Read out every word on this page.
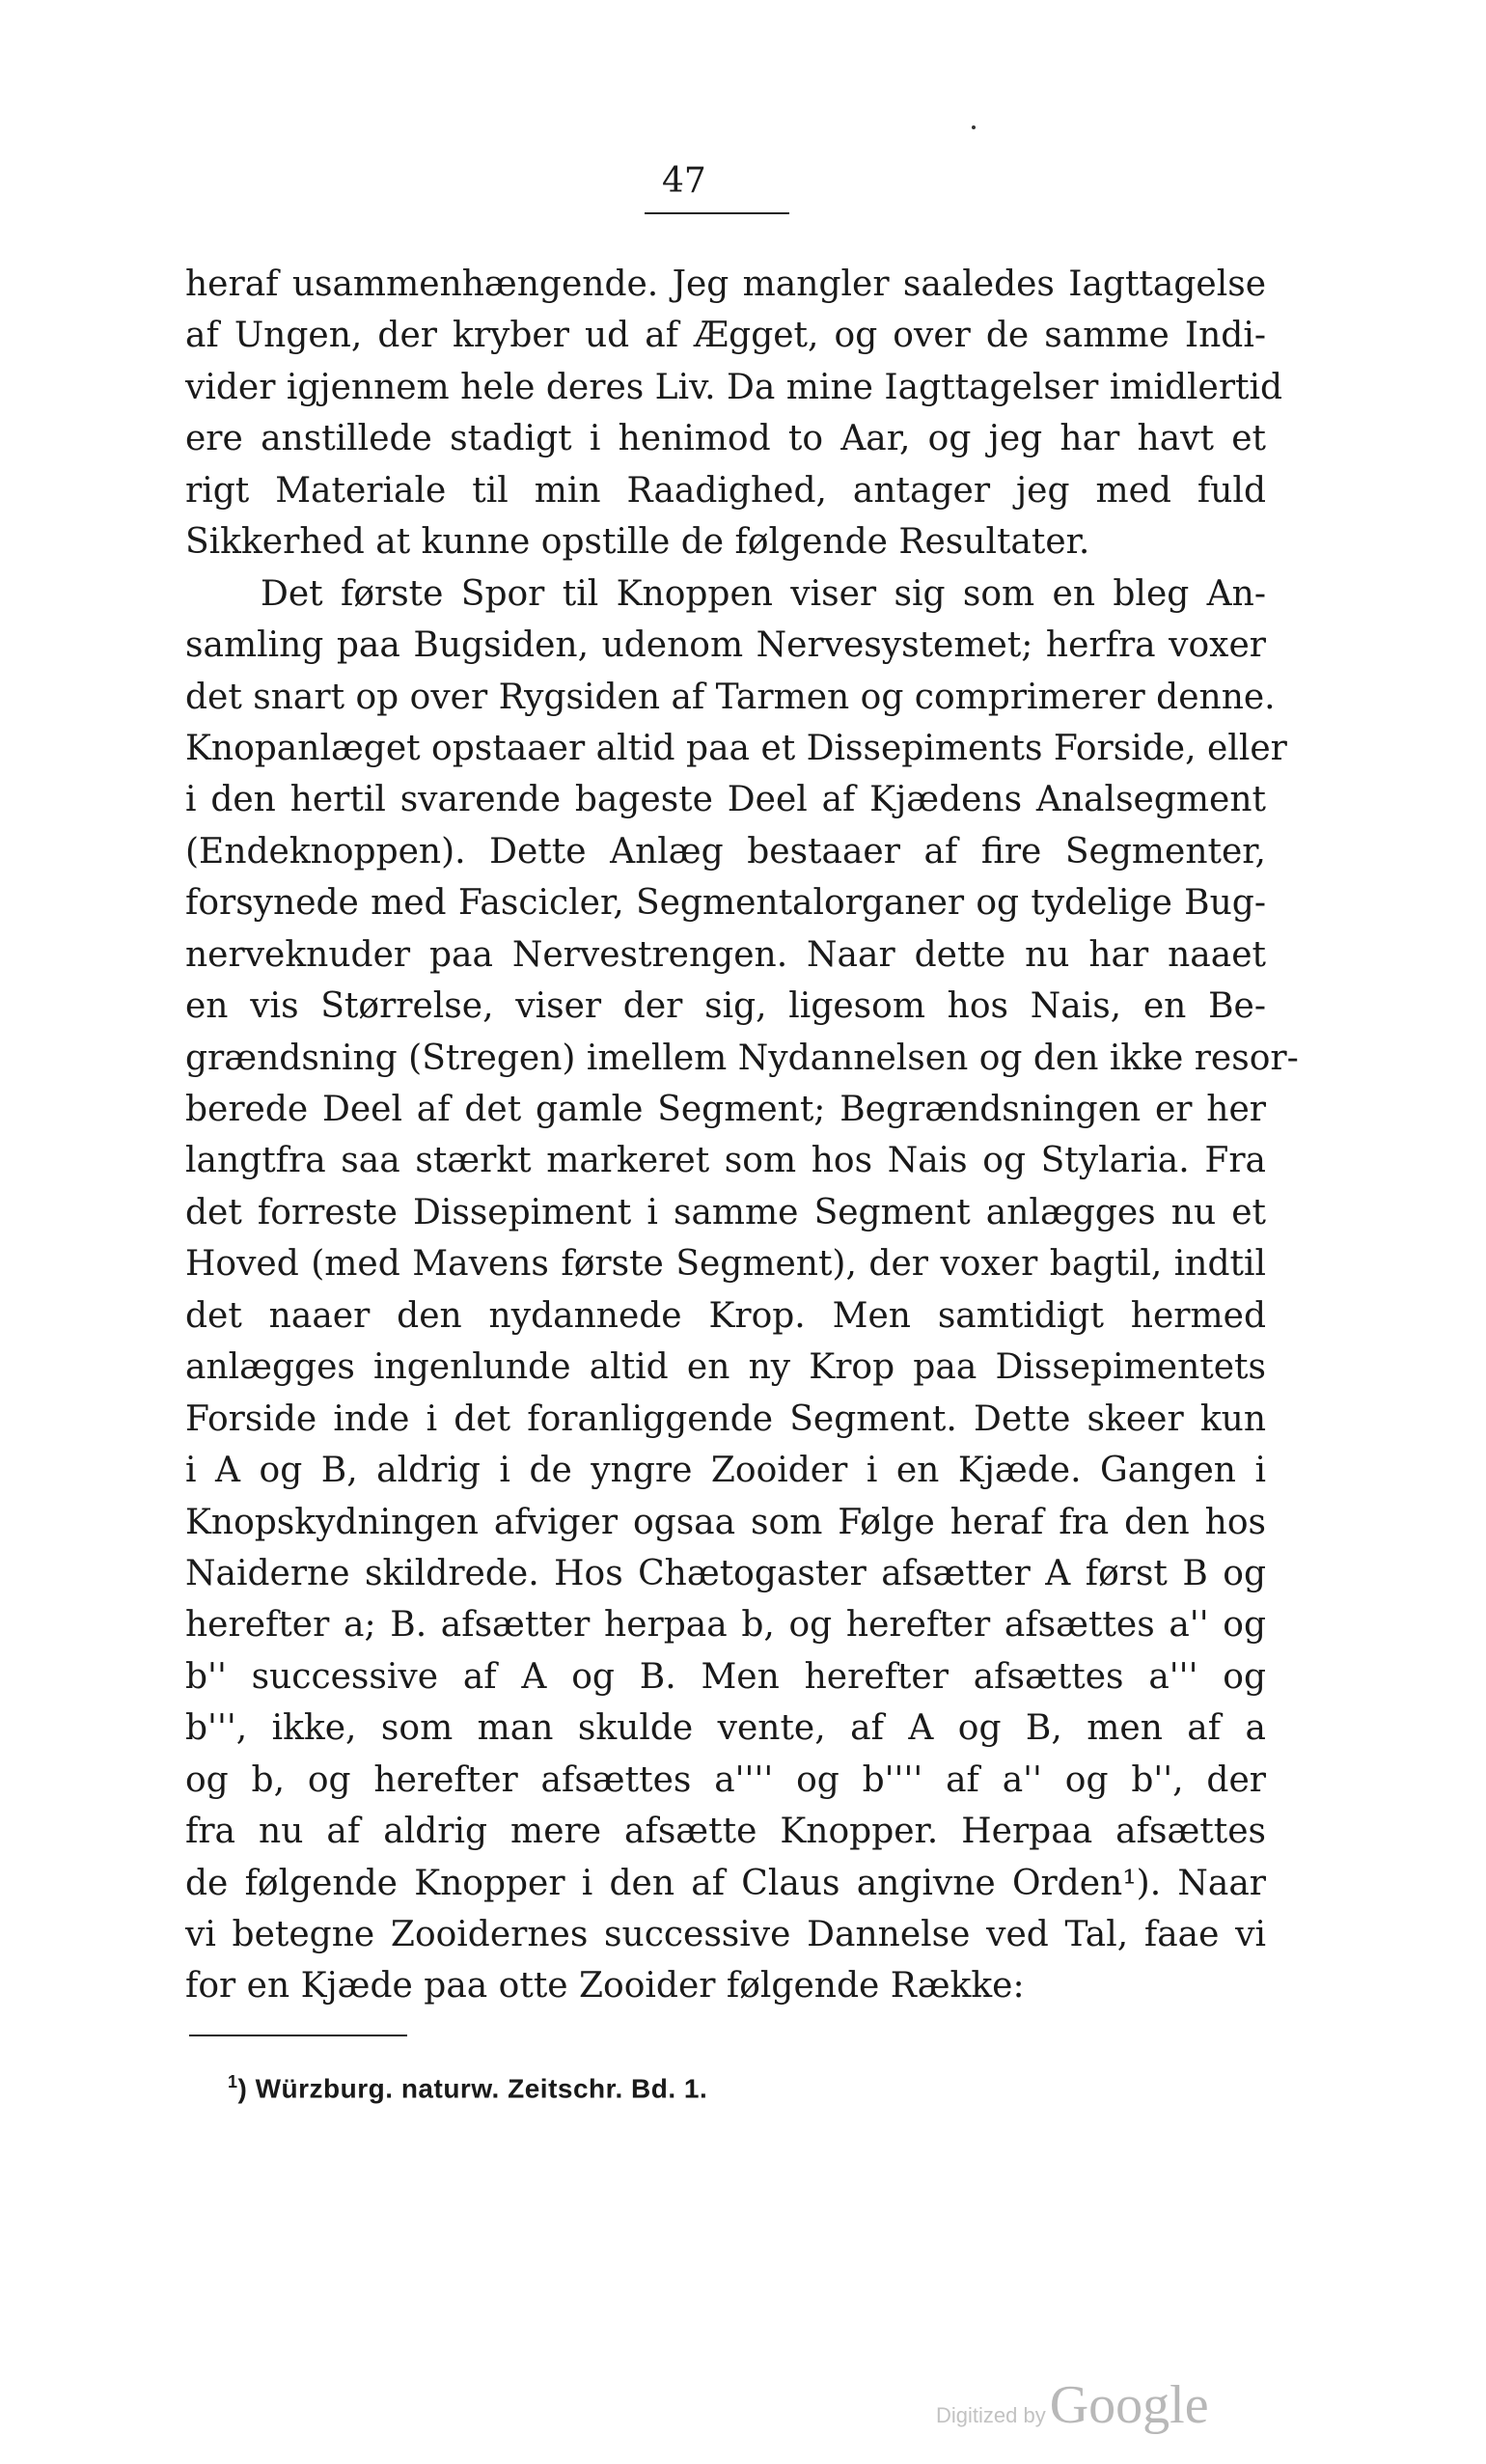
47
heraf usammenhængende. Jeg mangler saaledes Iagttagelse
af Ungen, der kryber ud af Ægget, og over de samme Indi-
vider igjennem hele deres Liv. Da mine Iagttagelser imidlertid
ere anstillede stadigt i henimod to Aar, og jeg har havt et
rigt Materiale til min Raadighed, antager jeg med fuld
Sikkerhed at kunne opstille de følgende Resultater.
Det første Spor til Knoppen viser sig som en bleg An-
samling paa Bugsiden, udenom Nervesystemet; herfra voxer
det snart op over Rygsiden af Tarmen og comprimerer denne.
Knopanlæget opstaaer altid paa et Dissepiments Forside, eller
i den hertil svarende bageste Deel af Kjædens Analsegment
(Endeknoppen). Dette Anlæg bestaaer af fire Segmenter,
forsynede med Fascicler, Segmentalorganer og tydelige Bug-
nerveknuder paa Nervestrengen. Naar dette nu har naaet
en vis Størrelse, viser der sig, ligesom hos Nais, en Be-
grændsning (Stregen) imellem Nydannelsen og den ikke resor-
berede Deel af det gamle Segment; Begrændsningen er her
langtfra saa stærkt markeret som hos Nais og Stylaria. Fra
det forreste Dissepiment i samme Segment anlægges nu et
Hoved (med Mavens første Segment), der voxer bagtil, indtil
det naaer den nydannede Krop. Men samtidigt hermed
anlægges ingenlunde altid en ny Krop paa Dissepimentets
Forside inde i det foranliggende Segment. Dette skeer kun
i A og B, aldrig i de yngre Zooider i en Kjæde. Gangen i
Knopskydningen afviger ogsaa som Følge heraf fra den hos
Naiderne skildrede. Hos Chætogaster afsætter A først B og
herefter a; B. afsætter herpaa b, og herefter afsættes a'' og
b'' successive af A og B. Men herefter afsættes a''' og
b''', ikke, som man skulde vente, af A og B, men af a
og b, og herefter afsættes a'''' og b'''' af a'' og b'', der
fra nu af aldrig mere afsætte Knopper. Herpaa afsættes
de følgende Knopper i den af Claus angivne Orden¹). Naar
vi betegne Zooidernes successive Dannelse ved Tal, faae vi
for en Kjæde paa otte Zooider følgende Række:
$^1$) Würzburg. naturw. Zeitschr. Bd. 1.
Digitized byGoogle
